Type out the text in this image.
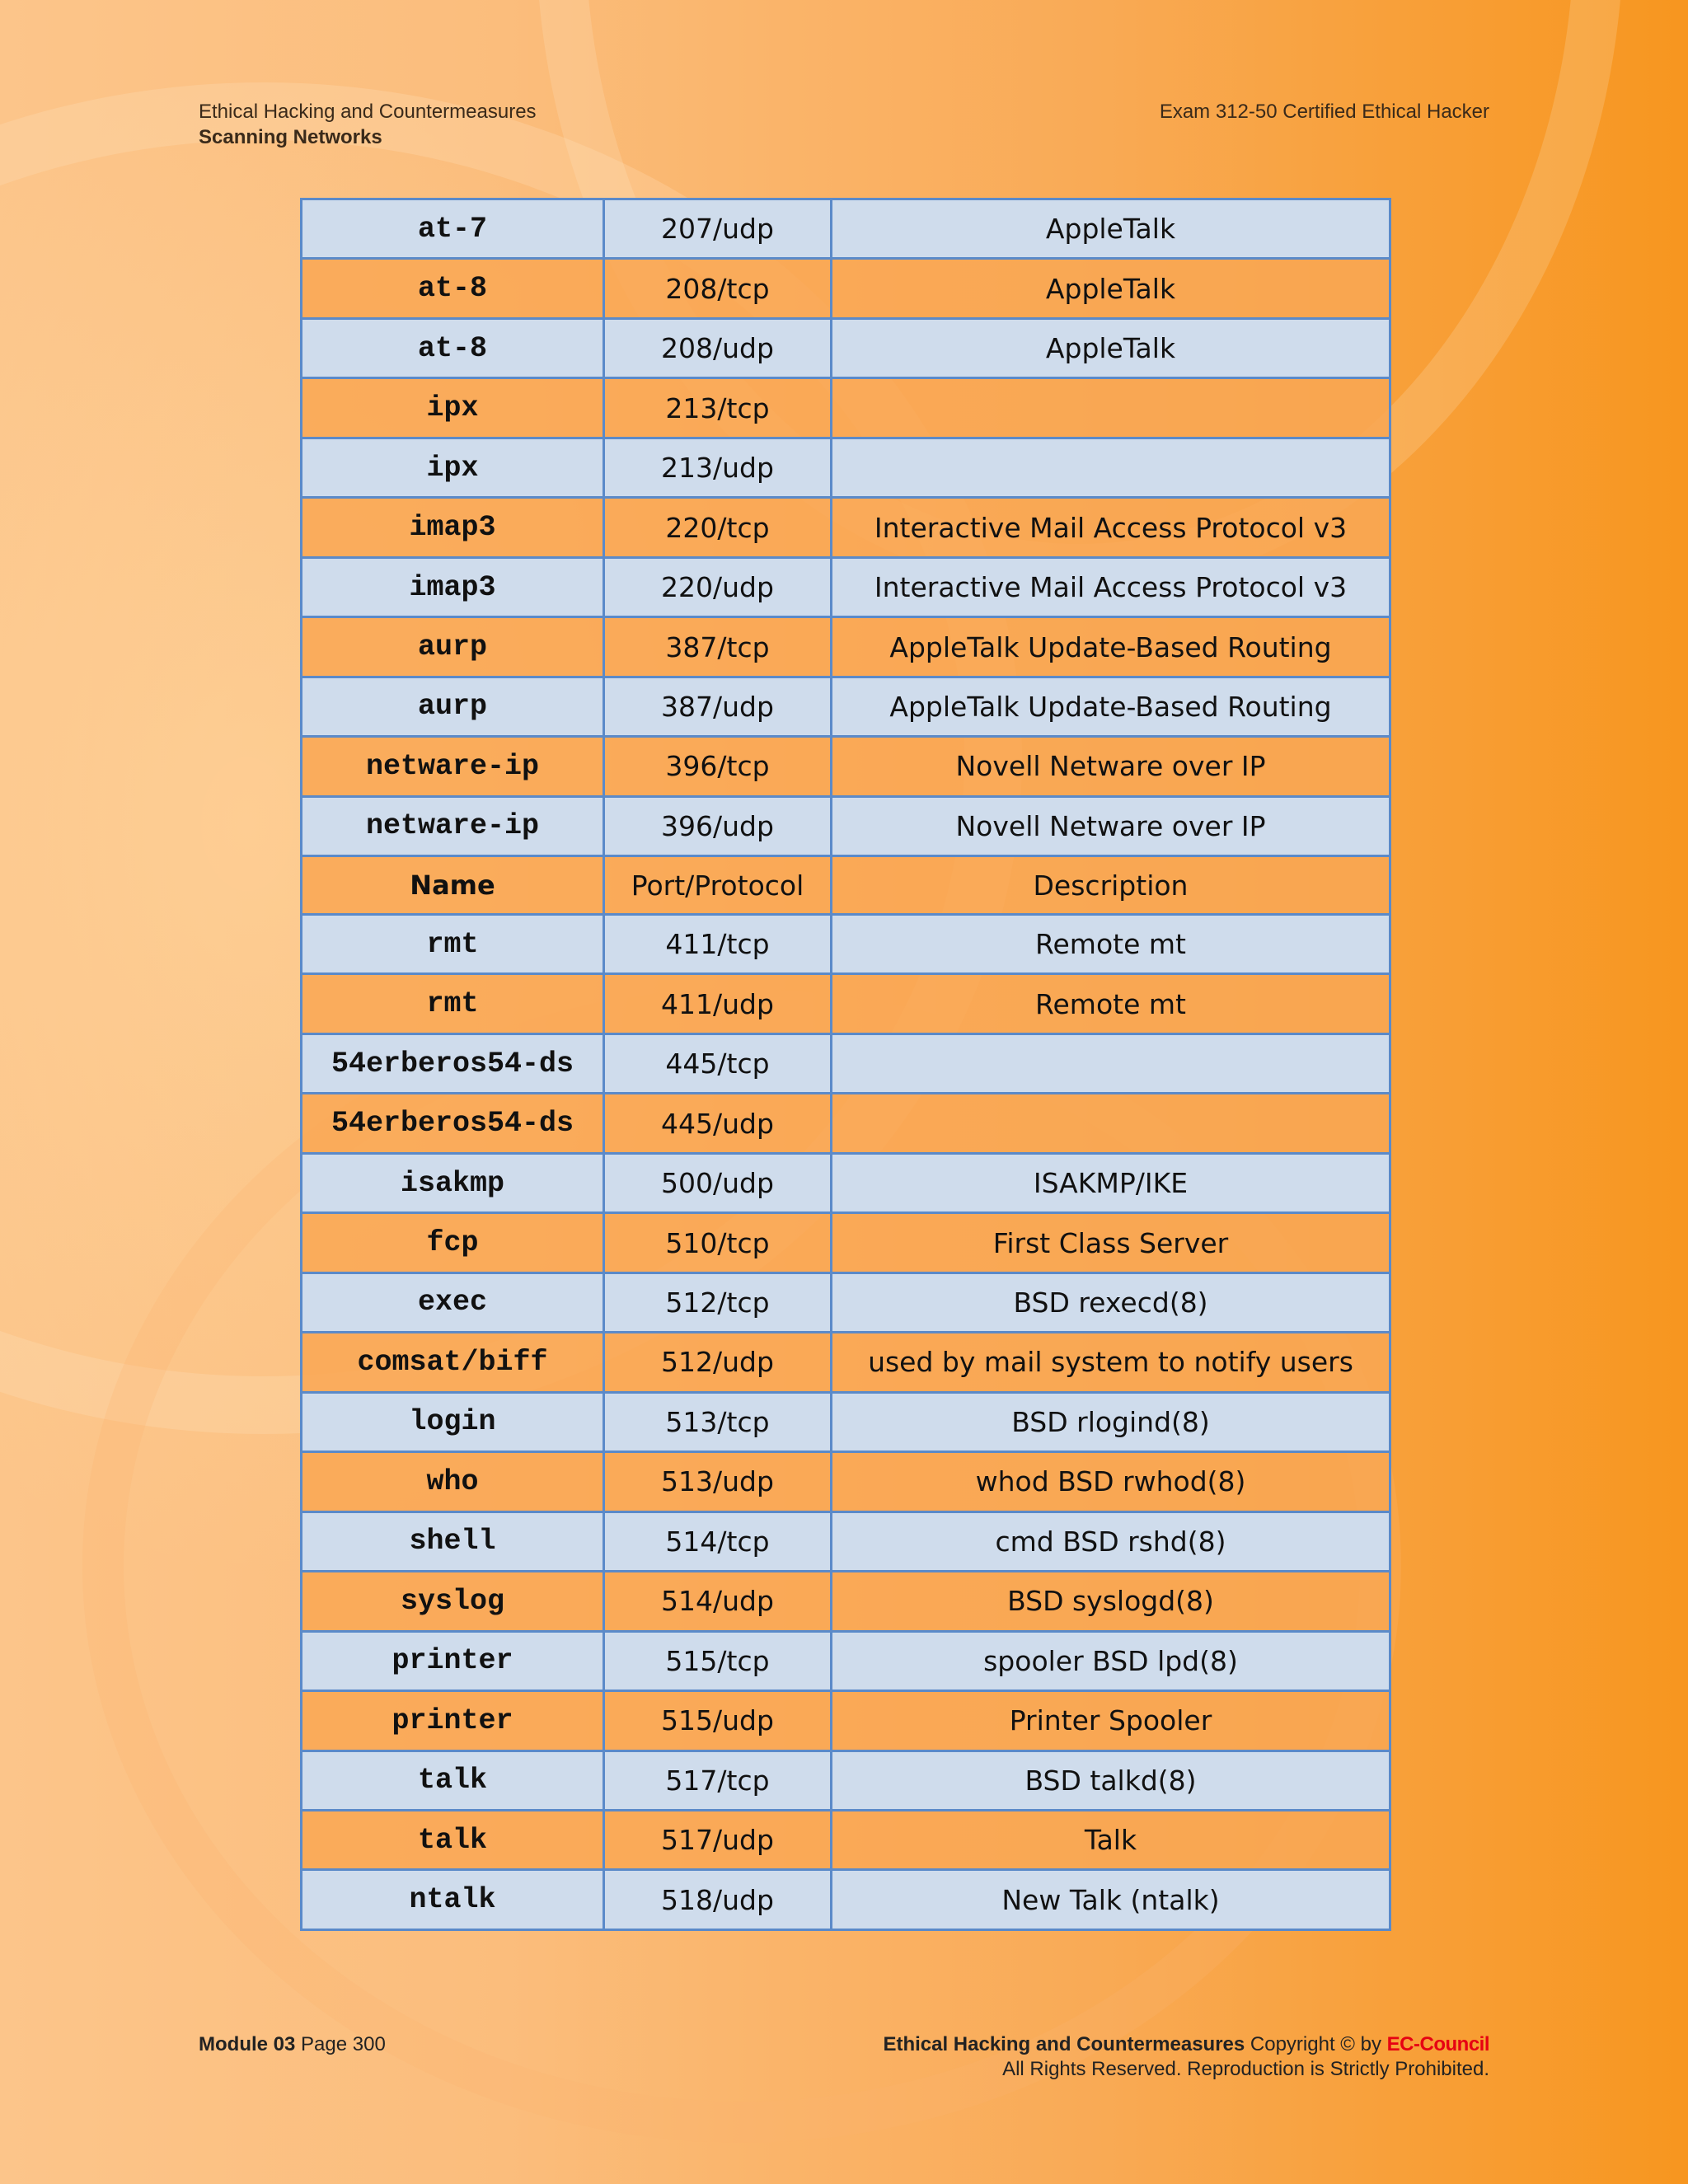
Ethical Hacking and Countermeasures
Scanning Networks
Exam 312-50 Certified Ethical Hacker
at-7	207/udp	AppleTalk
at-8	208/tcp	AppleTalk
at-8	208/udp	AppleTalk
ipx	213/tcp	
ipx	213/udp	
imap3	220/tcp	Interactive Mail Access Protocol v3
imap3	220/udp	Interactive Mail Access Protocol v3
aurp	387/tcp	AppleTalk Update-Based Routing
aurp	387/udp	AppleTalk Update-Based Routing
netware-ip	396/tcp	Novell Netware over IP
netware-ip	396/udp	Novell Netware over IP
Name	Port/Protocol	Description
rmt	411/tcp	Remote mt
rmt	411/udp	Remote mt
54erberos54-ds	445/tcp	
54erberos54-ds	445/udp	
isakmp	500/udp	ISAKMP/IKE
fcp	510/tcp	First Class Server
exec	512/tcp	BSD rexecd(8)
comsat/biff	512/udp	used by mail system to notify users
login	513/tcp	BSD rlogind(8)
who	513/udp	whod BSD rwhod(8)
shell	514/tcp	cmd BSD rshd(8)
syslog	514/udp	BSD syslogd(8)
printer	515/tcp	spooler BSD lpd(8)
printer	515/udp	Printer Spooler
talk	517/tcp	BSD talkd(8)
talk	517/udp	Talk
ntalk	518/udp	New Talk (ntalk)
Module 03 Page 300	Ethical Hacking and Countermeasures Copyright © by EC-Council
All Rights Reserved. Reproduction is Strictly Prohibited.
